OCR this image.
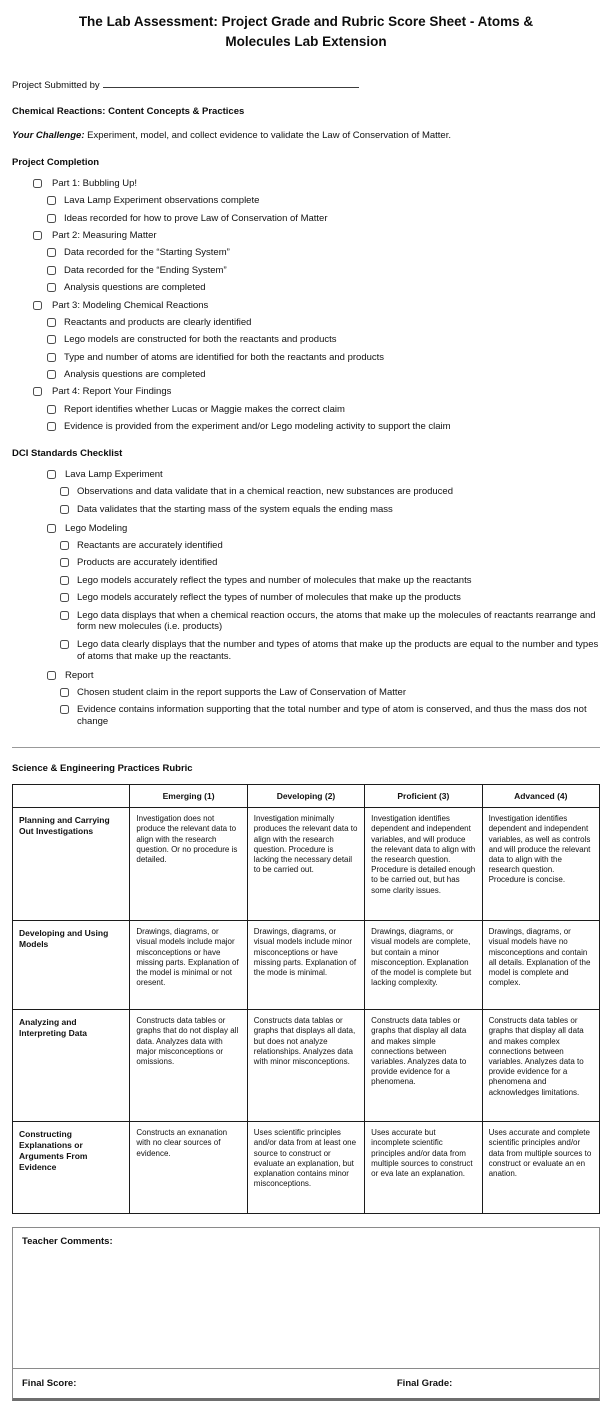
The Lab Assessment: Project Grade and Rubric Score Sheet - Atoms & Molecules Lab Extension
Project Submitted by
Chemical Reactions: Content Concepts & Practices

Your Challenge: Experiment, model, and collect evidence to validate the Law of Conservation of Matter.

Project Completion
Part 1: Bubbling Up!
Lava Lamp Experiment observations complete
Ideas recorded for how to prove Law of Conservation of Matter
Part 2: Measuring Matter
Data recorded for the “Starting System”
Data recorded for the “Ending System”
Analysis questions are completed
Part 3: Modeling Chemical Reactions
Reactants and products are clearly identified
Lego models are constructed for both the reactants and products
Type and number of atoms are identified for both the reactants and products
Analysis questions are completed
Part 4: Report Your Findings
Report identifies whether Lucas or Maggie makes the correct claim
Evidence is provided from the experiment and/or Lego modeling activity to support the claim
DCI Standards Checklist
Lava Lamp Experiment
Observations and data validate that in a chemical reaction, new substances are produced
Data validates that the starting mass of the system equals the ending mass
Lego Modeling
Reactants are accurately identified
Products are accurately identified
Lego models accurately reflect the types and number of molecules that make up the reactants
Lego models accurately reflect the types of number of molecules that make up the products
Lego data displays that when a chemical reaction occurs, the atoms that make up the molecules of reactants rearrange and form new molecules (i.e. products)
Lego data clearly displays that the number and types of atoms that make up the products are equal to the number and types of atoms that make up the reactants.
Report
Chosen student claim in the report supports the Law of Conservation of Matter
Evidence contains information supporting that the total number and type of atom is conserved, and thus the mass dos not change
Science & Engineering Practices Rubric
	Emerging (1)	Developing (2)	Proficient (3)	Advanced (4)
Planning and Carrying Out Investigations	Investigation does not produce the relevant data to align with the research question. Or no procedure is detailed.	Investigation minimally produces the relevant data to align with the research question. Procedure is lacking the necessary detail to be carried out.	Investigation identifies dependent and independent variables, and will produce the relevant data to align with the research question. Procedure is detailed enough to be carried out, but has some clarity issues.	Investigation identifies dependent and independent variables, as well as controls and will produce the relevant data to align with the research question. Procedure is concise.
Developing and Using Models	Drawings, diagrams, or visual models include major misconceptions or have missing parts. Explanation of the model is minimal or not oresent.	Drawings, diagrams, or visual models include minor misconceptions or have missing parts. Explanation of the mode is minimal.	Drawings, diagrams, or visual models are complete, but contain a minor misconception. Explanation of the model is complete but lacking complexity.	Drawings, diagrams, or visual models have no misconceptions and contain all details. Explanation of the model is complete and complex.
Analyzing and Interpreting Data	Constructs data tables or graphs that do not display all data. Analyzes data with major misconceptions or omissions.	Constructs data tablas or graphs that displays all data, but does not analyze relationships. Analyzes data with minor misconceptions.	Constructs data tables or graphs that display all data and makes simple connections between variables. Analyzes data to provide evidence for a phenomena.	Constructs data tables or graphs that display all data and makes complex connections between variables. Analyzes data to provide evidence for a phenomena and acknowledges limitations.
Constructing Explanations or Arguments From Evidence	Constructs an exnanation with no clear sources of evidence.	Uses scientific principles and/or data from at least one source to construct or evaluate an explanation, but explanation contains minor misconceptions.	Uses accurate but incomplete scientific principles and/or data from multiple sources to construct or eva late an explanation.	Uses accurate and complete scientific principles and/or data from multiple sources to construct or evaluate an en anation.
Teacher Comments:
Final Score:	Final Grade:
